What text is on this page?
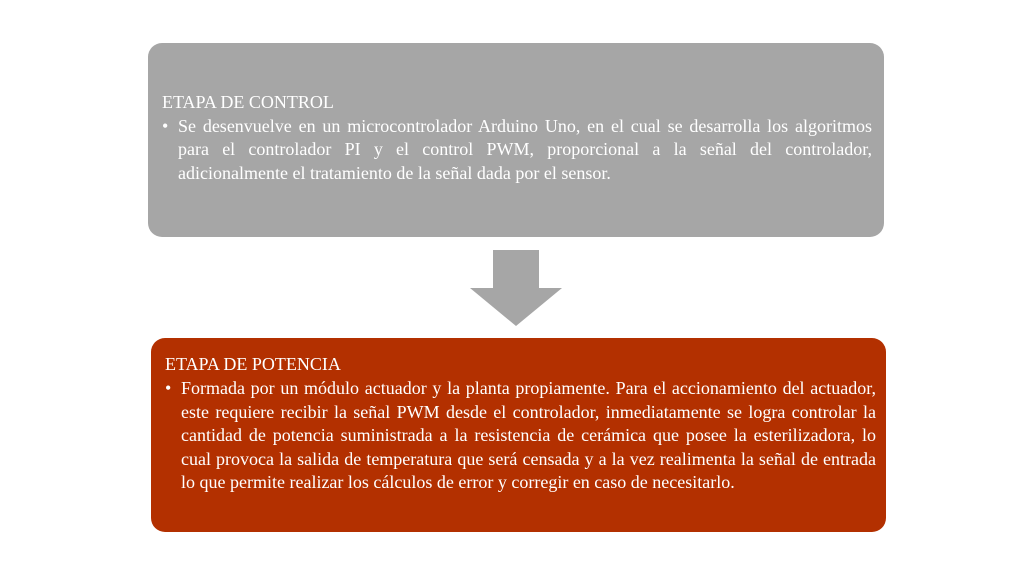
ETAPA DE CONTROL

• Se desenvuelve en un microcontrolador Arduino Uno, en el cual se desarrolla los algoritmos para el controlador PI y el control PWM, proporcional a la señal del controlador, adicionalmente el tratamiento de la señal dada por el sensor.

ETAPA DE POTENCIA

• Formada por un módulo actuador y la planta propiamente. Para el accionamiento del actuador, este requiere recibir la señal PWM desde el controlador, inmediatamente se logra controlar la cantidad de potencia suministrada a la resistencia de cerámica que posee la esterilizadora, lo cual provoca la salida de temperatura que será censada y a la vez realimenta la señal de entrada lo que permite realizar los cálculos de error y corregir en caso de necesitarlo.
